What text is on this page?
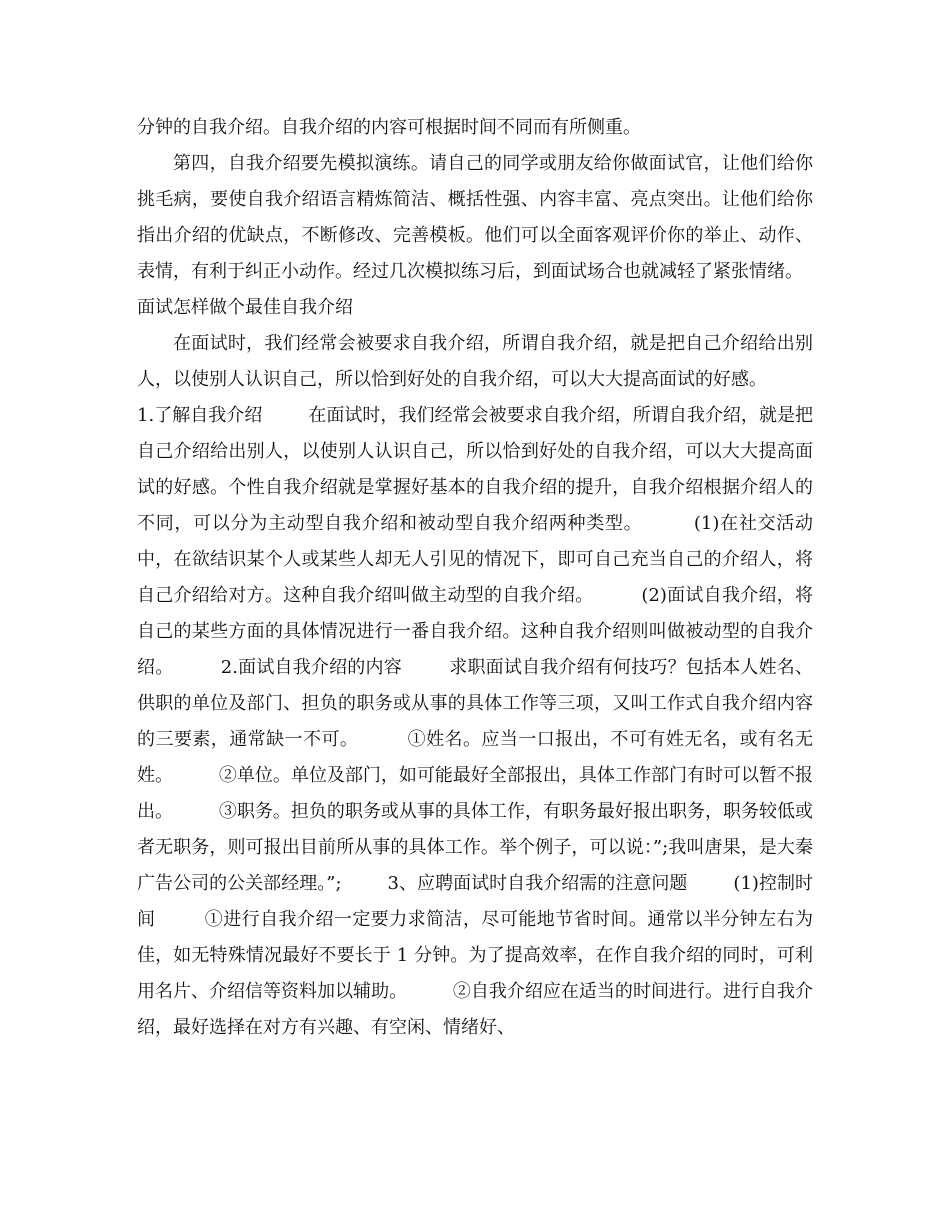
分钟的自我介绍。自我介绍的内容可根据时间不同而有所侧重。

第四，自我介绍要先模拟演练。请自己的同学或朋友给你做面试官，让他们给你挑毛病，要使自我介绍语言精炼简洁、概括性强、内容丰富、亮点突出。让他们给你  指出介绍的优缺点，不断修改、完善模板。他们可以全面客观评价你的举止、动作、表情，有利于纠正小动作。经过几次模拟练习后，到面试场合也就减轻了紧张情绪。

面试怎样做个最佳自我介绍

在面试时，我们经常会被要求自我介绍，所谓自我介绍，就是把自己介绍给出别人，以使别人认识自己，所以恰到好处的自我介绍，可以大大提高面试的好感。

1.了解自我介绍        在面试时，我们经常会被要求自我介绍，所谓自我介绍，就是把自己介绍给出别人，以使别人认识自己，所以恰到好处的自我介绍，可以大大提高面试的好感。个性自我介绍就是掌握好基本的自我介绍的提升，自我介绍根据介绍人的不同，可以分为主动型自我介绍和被动型自我介绍两种类型。        (1)在社交活动中，在欲结识某个人或某些人却无人引见的情况下，即可自己充当自己的介绍人，将自己介绍给对方。这种自我介绍叫做主动型的自我介绍。        (2)面试自我介绍，将自己的某些方面的具体情况进行一番自我介绍。这种自我介绍则叫做被动型的自我介绍。        2.面试自我介绍的内容        求职面试自我介绍有何技巧？包括本人姓名、供职的单位及部门、担负的职务或从事的具体工作等三项，又叫工作式自我介绍内容的三要素，通常缺一不可。        ①姓名。应当一口报出，不可有姓无名，或有名无姓。        ②单位。单位及部门，如可能最好全部报出，具体工作部门有时可以暂不报出。        ③职务。担负的职务或从事的具体工作，有职务最好报出职务，职务较低或者无职务，则可报出目前所从事的具体工作。举个例子，可以说：”;我叫唐果，是大秦广告公司的公关部经理。”;        3、应聘面试时自我介绍需的注意问题        (1)控制时间        ①进行自我介绍一定要力求简洁，尽可能地节省时间。通常以半分钟左右为佳，如无特殊情况最好不要长于 1 分钟。为了提高效率，在作自我介绍的同时，可利用名片、介绍信等资料加以辅助。        ②自我介绍应在适当的时间进行。进行自我介绍，最好选择在对方有兴趣、有空闲、情绪好、
